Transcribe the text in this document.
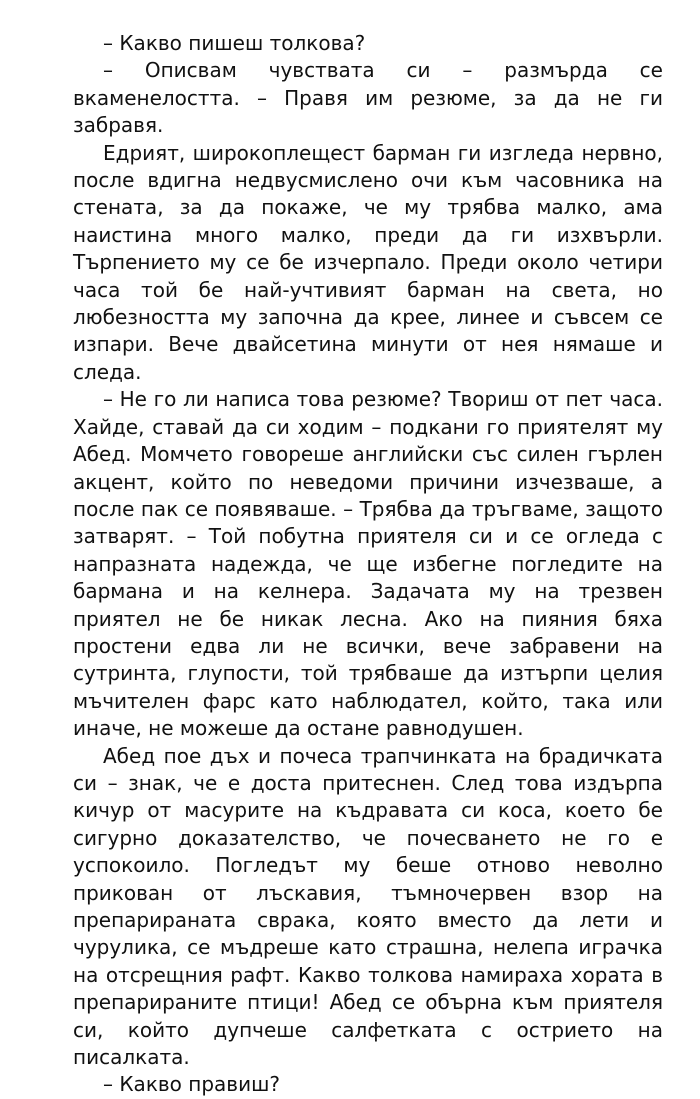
– Какво пишеш толкова?

– Описвам чувствата си – размърда се вкаменелостта. – Правя им резюме, за да не ги забравя.

Едрият, широкоплещест барман ги изгледа нервно, после вдигна недвусмислено очи към часовника на стената, за да покаже, че му трябва малко, ама наистина много малко, преди да ги изхвърли. Търпението му се бе изчерпало. Преди около четири часа той бе най-учтивият барман на света, но любезността му започна да крее, линее и съвсем се изпари. Вече двайсетина минути от нея нямаше и следа.

– Не го ли написа това резюме? Твориш от пет часа. Хайде, ставай да си ходим – подкани го приятелят му Абед. Момчето говореше английски със силен гърлен акцент, който по неведоми причини изчезваше, а после пак се появяваше. – Трябва да тръгваме, защото затварят. – Той побутна приятеля си и се огледа с напразната надежда, че ще избегне погледите на бармана и на келнера. Задачата му на трезвен приятел не бе никак лесна. Ако на пияния бяха простени едва ли не всички, вече забравени на сутринта, глупости, той трябваше да изтърпи целия мъчителен фарс като наблюдател, който, така или иначе, не можеше да остане равнодушен.

Абед пое дъх и почеса трапчинката на брадичката си – знак, че е доста притеснен. След това издърпа кичур от масурите на къдравата си коса, което бе сигурно доказателство, че почесването не го е успокоило. Погледът му беше отново неволно прикован от лъскавия, тъмночервен взор на препарираната сврака, която вместо да лети и чурулика, се мъдреше като страшна, нелепа играчка на отсрещния рафт. Какво толкова намираха хората в препарираните птици! Абед се обърна към приятеля си, който дупчеше салфетката с острието на писалката.

– Какво правиш?
